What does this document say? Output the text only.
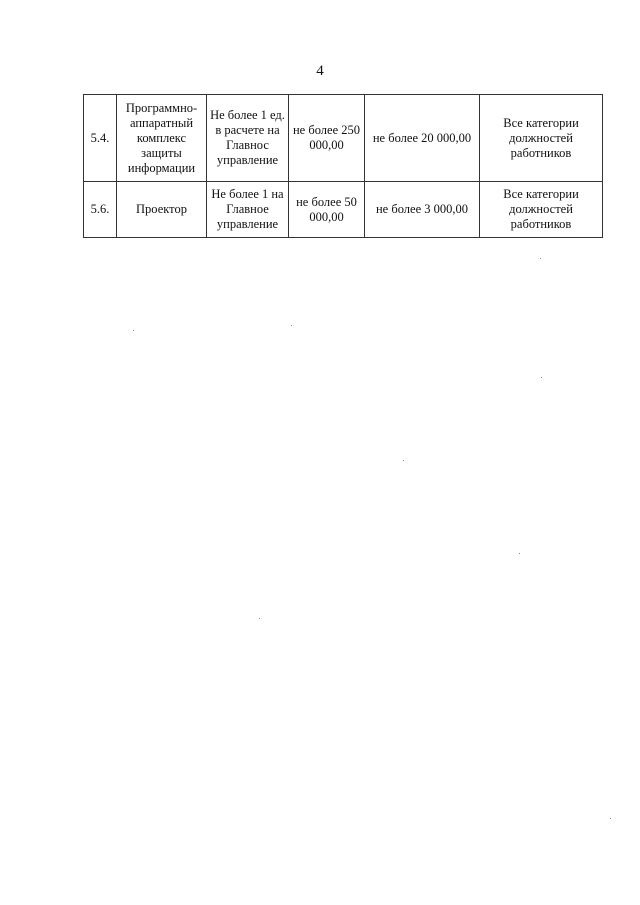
4
5.4.	Программно-аппаратный комплекс защиты информации	Не более 1 ед. в расчете на Главнос управление	не более 250 000,00	не более 20 000,00	Все категории должностей работников
5.6.	Проектор	Не более 1 на Главное управление	не более 50 000,00	не более 3 000,00	Все категории должностей работников
